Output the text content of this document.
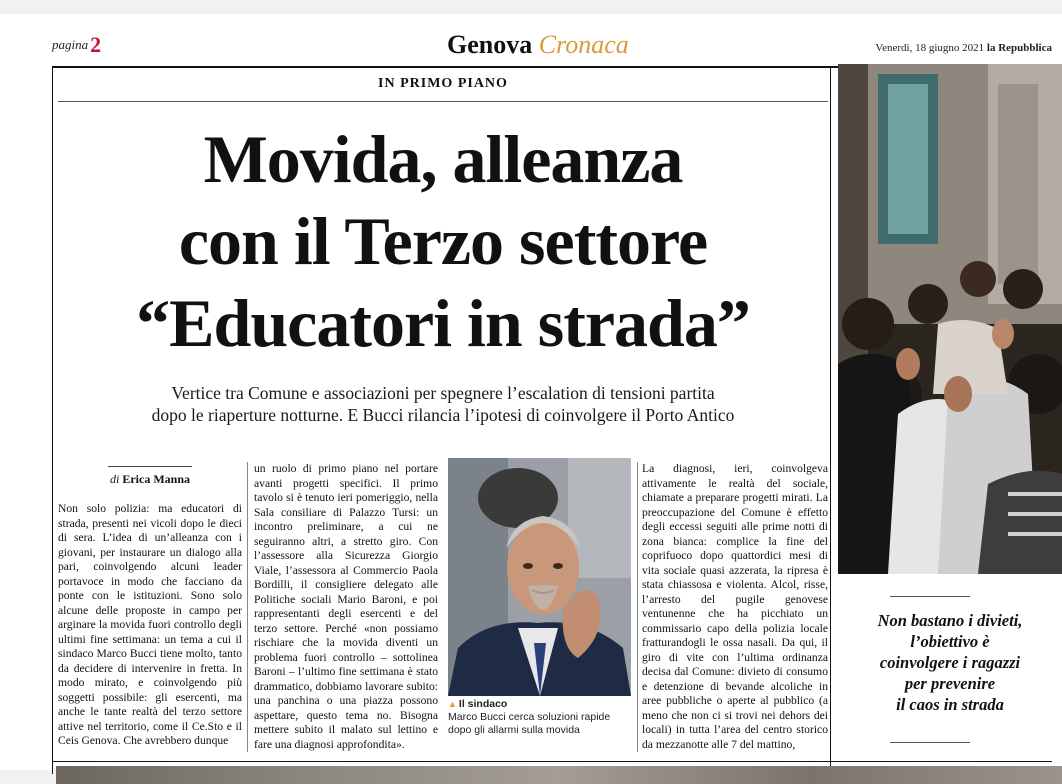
pagina2	Genova Cronaca	Venerdì, 18 giugno 2021 la Repubblica
IN PRIMO PIANO
Movida, alleanza
con il Terzo settore
“Educatori in strada”
Vertice tra Comune e associazioni per spegnere l’escalation di tensioni partita
dopo le riaperture notturne. E Bucci rilancia l’ipotesi di coinvolgere il Porto Antico
di Erica Manna
Non solo polizia: ma educatori di strada, presenti nei vicoli dopo le dieci di sera. L’idea di un’alleanza con i giovani, per instaurare un dialogo alla pari, coinvolgendo alcuni leader portavoce in modo che facciano da ponte con le istituzioni. Sono solo alcune delle proposte in campo per arginare la movida fuori controllo degli ultimi fine settimana: un tema a cui il sindaco Marco Bucci tiene molto, tanto da decidere di intervenire in fretta. In modo mirato, e coinvolgendo più soggetti possibile: gli esercenti, ma anche le tante realtà del terzo settore attive nel territorio, come il Ce.Sto e il Ceis Genova. Che avrebbero dunque
un ruolo di primo piano nel portare avanti progetti specifici. Il primo tavolo si è tenuto ieri pomeriggio, nella Sala consiliare di Palazzo Tursi: un incontro preliminare, a cui ne seguiranno altri, a stretto giro. Con l’assessore alla Sicurezza Giorgio Viale, l’assessora al Commercio Paola Bordilli, il consigliere delegato alle Politiche sociali Mario Baroni, e poi rappresentanti degli esercenti e del terzo settore. Perché «non possiamo rischiare che la movida diventi un problema fuori controllo – sottolinea Baroni – l’ultimo fine settimana è stato drammatico, dobbiamo lavorare subito: una panchina o una piazza possono aspettare, questo tema no. Bisogna mettere subito il malato sul lettino e fare una diagnosi approfondita».
▲ Il sindaco
Marco Bucci cerca soluzioni rapide dopo gli allarmi sulla movida
La diagnosi, ieri, coinvolgeva attivamente le realtà del sociale, chiamate a preparare progetti mirati. La preoccupazione del Comune è effetto degli eccessi seguiti alle prime notti di zona bianca: complice la fine del coprifuoco dopo quattordici mesi di vita sociale quasi azzerata, la ripresa è stata chiassosa e violenta. Alcol, risse, l’arresto del pugile genovese ventunenne che ha picchiato un commissario capo della polizia locale fratturandogli le ossa nasali. Da qui, il giro di vite con l’ultima ordinanza decisa dal Comune: divieto di consumo e detenzione di bevande alcoliche in aree pubbliche o aperte al pubblico (a meno che non ci si trovi nei dehors dei locali) in tutta l’area del centro storico da mezzanotte alle 7 del mattino,
Non bastano i divieti,
l’obiettivo è
coinvolgere i ragazzi
per prevenire
il caos in strada
